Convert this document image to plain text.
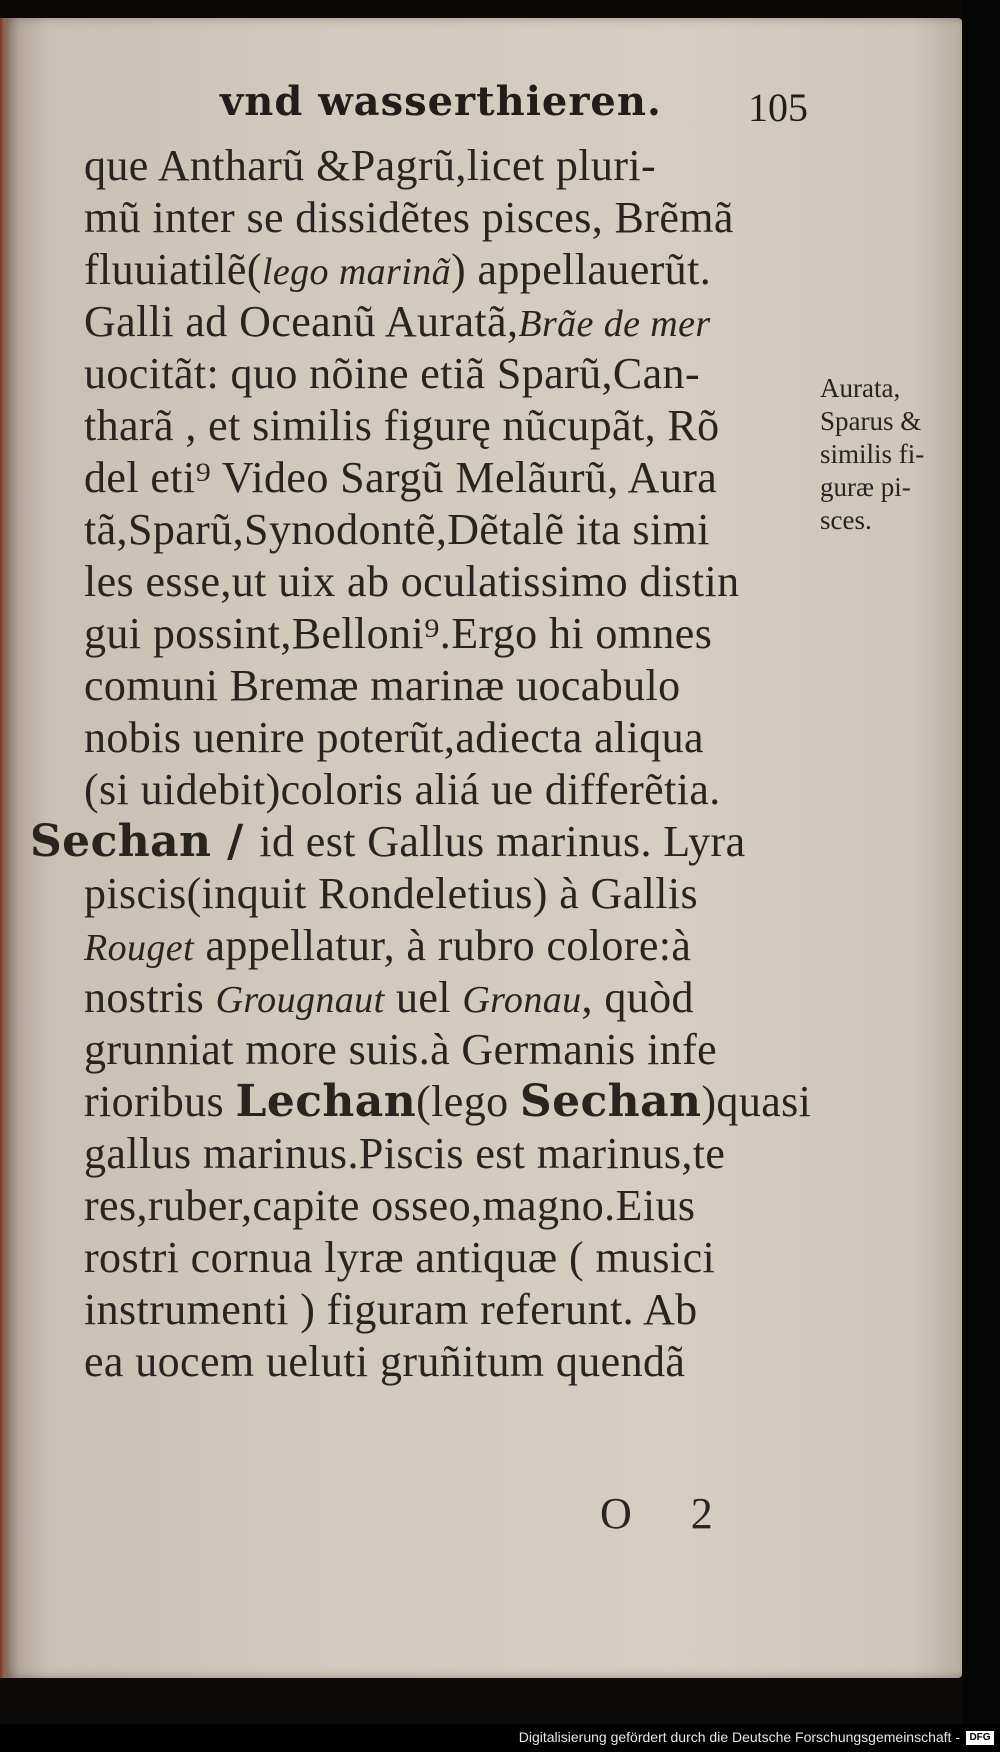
vnd wasserthieren. 105
que Antharũ &Pagrũ,licet pluri-
mũ inter se dissidẽtes pisces, Brẽmã
fluuiatilẽ(lego marinã) appellauerũt.
Galli ad Oceanũ Auratã,Brãe de mer
uocitãt: quo nõine etiã Sparũ,Can-
tharã , et similis figurę nũcupãt, Rõ
del eti⁹ Video Sargũ Melãurũ, Aura
tã,Sparũ,Synodontẽ,Dẽtalẽ ita simi
les esse,ut uix ab oculatissimo distin
gui possint,Belloni⁹.Ergo hi omnes
comuni Bremæ marinæ uocabulo
nobis uenire poterũt,adiecta aliqua
(si uidebit)coloris aliá ue differẽtia.
Sechan / id est Gallus marinus. Lyra
piscis(inquit Rondeletius) à Gallis
Rouget appellatur, à rubro colore:à
nostris Grougnaut uel Gronau, quòd
grunniat more suis.à Germanis infe
rioribus Lechan(lego Sechan)quasi
gallus marinus.Piscis est marinus,te
res,ruber,capite osseo,magno.Eius
rostri cornua lyræ antiquæ ( musici
instrumenti ) figuram referunt. Ab
ea uocem ueluti gruñitum quendã
Aurata,
Sparus &
similis fi-
guræ pi-
sces.
O 2
Digitalisierung gefördert durch die Deutsche Forschungsgemeinschaft - DFG
